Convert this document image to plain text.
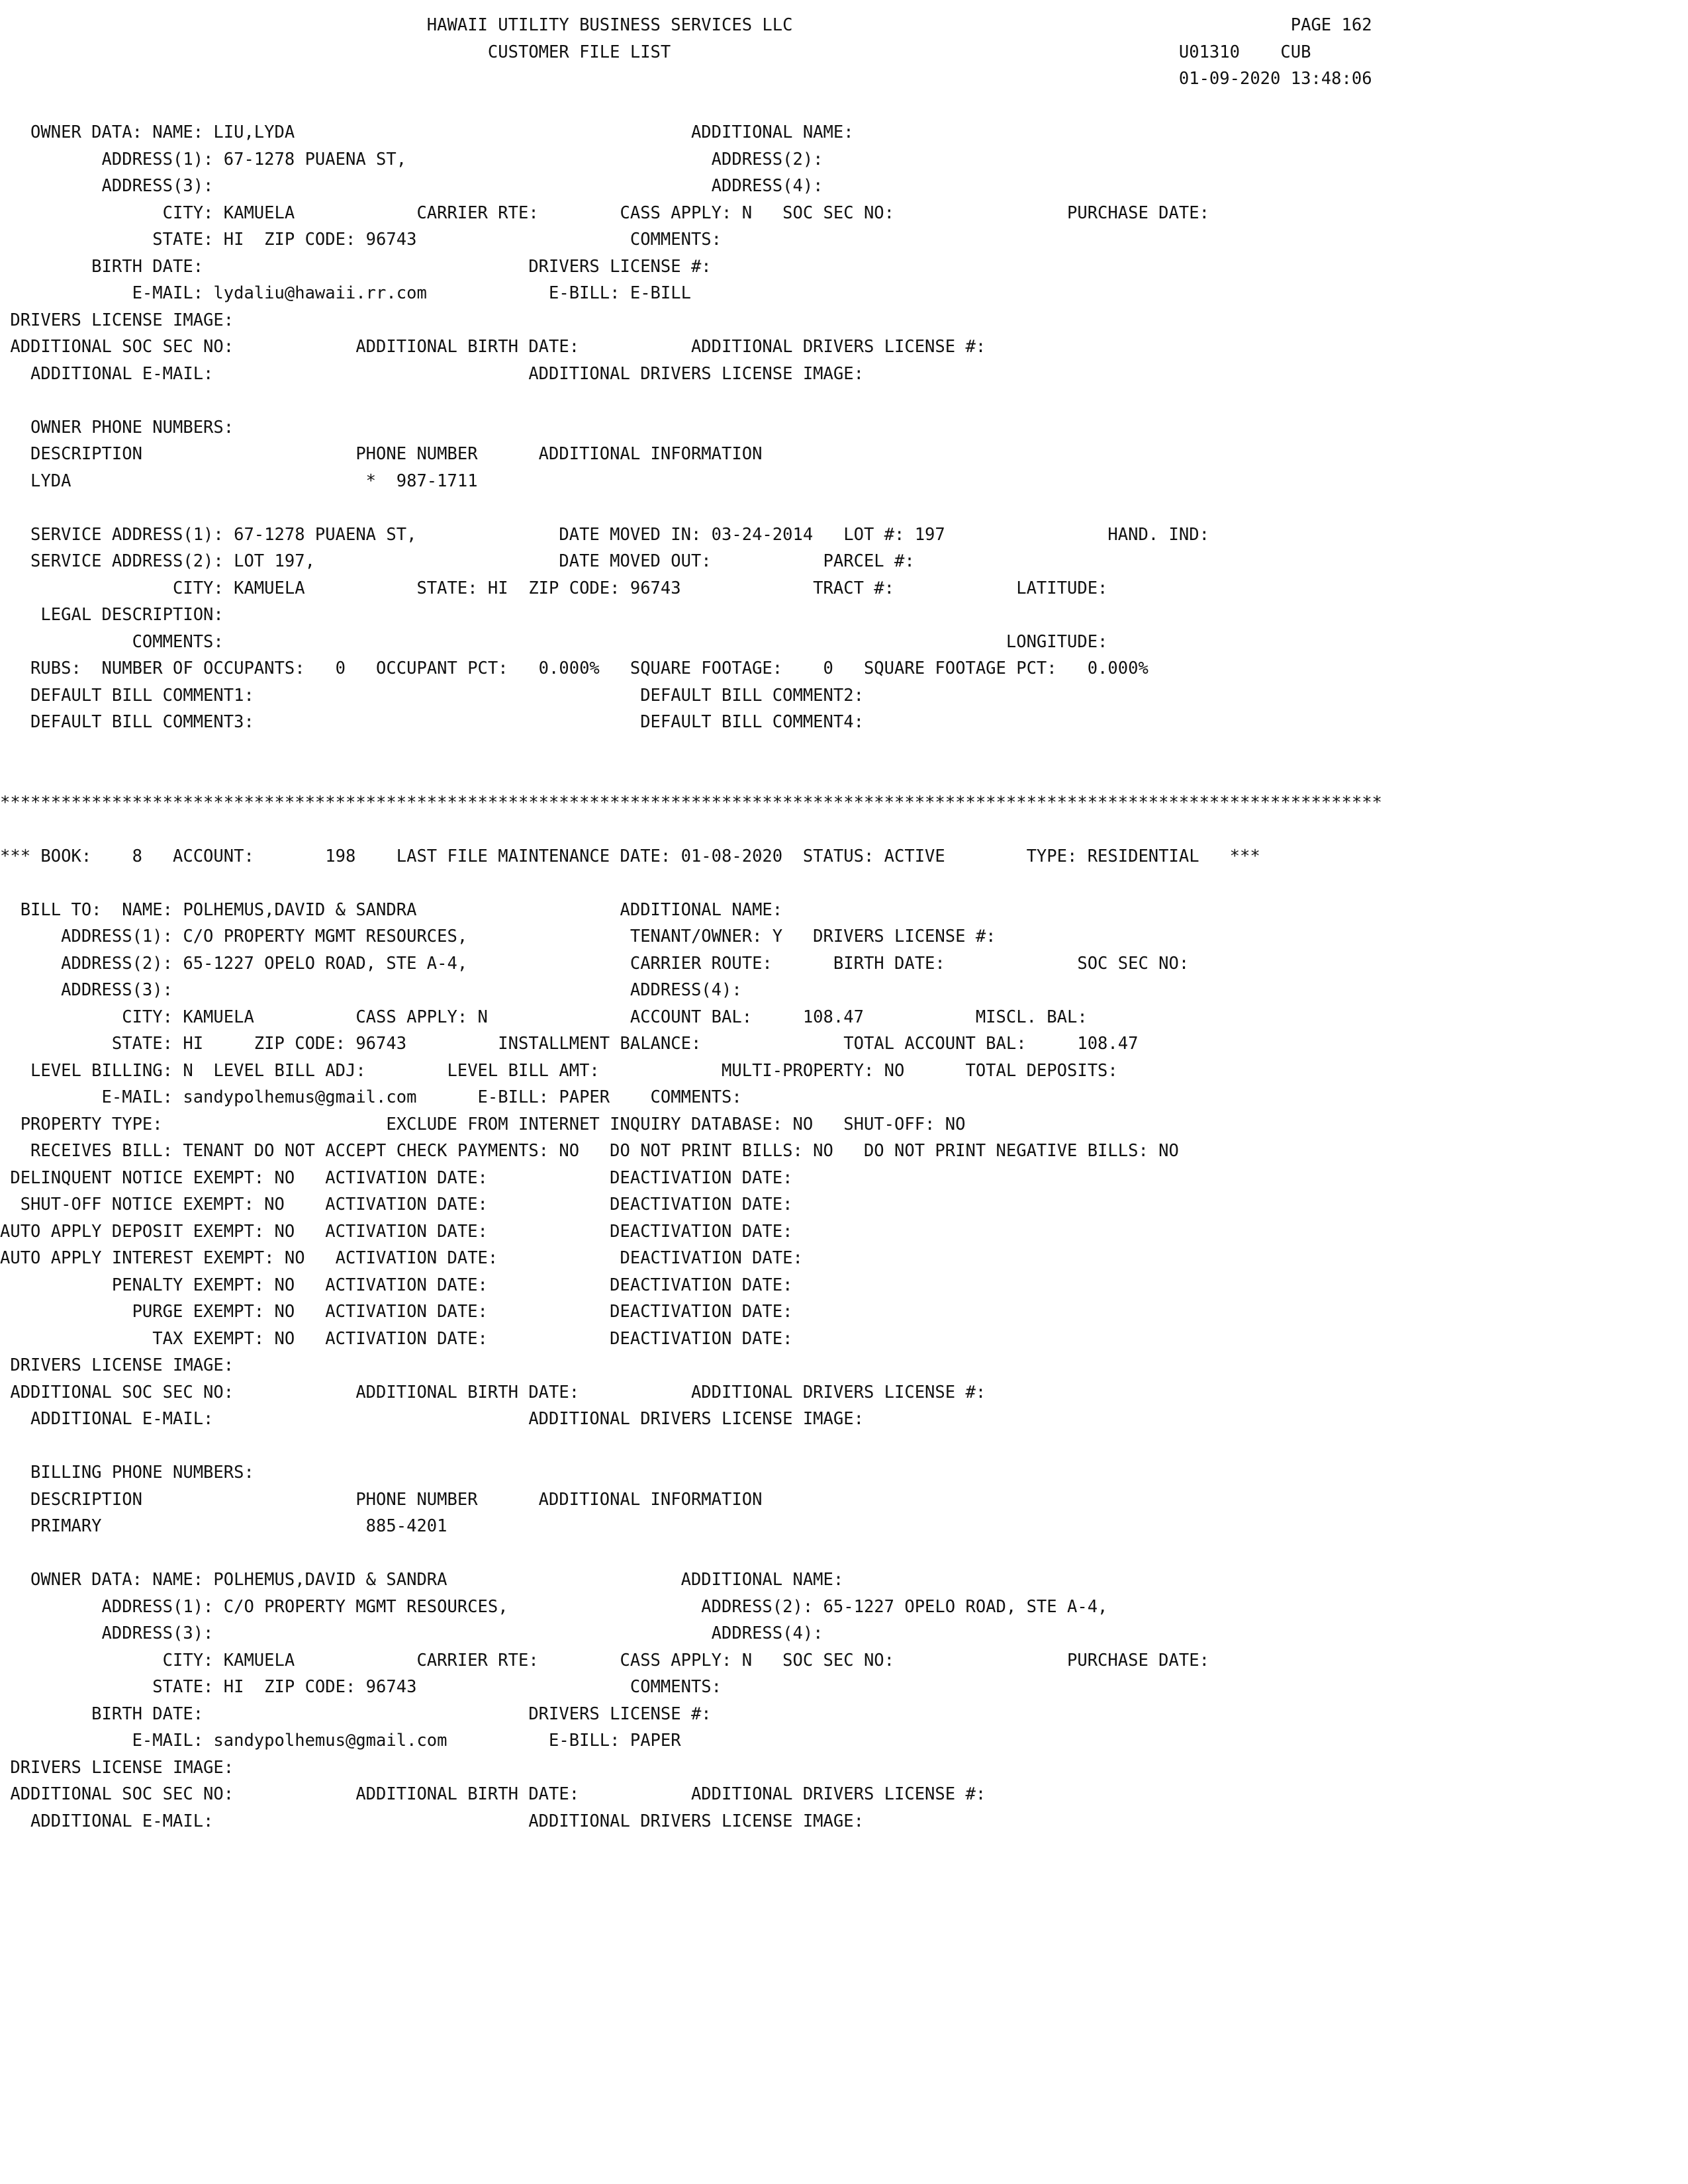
HAWAII UTILITY BUSINESS SERVICES LLC                                                 PAGE 162
CUSTOMER FILE LIST                                                  U01310    CUB
01-09-2020 13:48:06

OWNER DATA: NAME: LIU,LYDA                                       ADDITIONAL NAME:
ADDRESS(1): 67-1278 PUAENA ST,                              ADDRESS(2):
ADDRESS(3):                                                 ADDRESS(4):
CITY: KAMUELA            CARRIER RTE:        CASS APPLY: N   SOC SEC NO:                 PURCHASE DATE:
STATE: HI  ZIP CODE: 96743                     COMMENTS:
BIRTH DATE:                                DRIVERS LICENSE #:
E-MAIL: lydaliu@hawaii.rr.com            E-BILL: E-BILL
DRIVERS LICENSE IMAGE:
ADDITIONAL SOC SEC NO:            ADDITIONAL BIRTH DATE:           ADDITIONAL DRIVERS LICENSE #:
ADDITIONAL E-MAIL:                               ADDITIONAL DRIVERS LICENSE IMAGE:

OWNER PHONE NUMBERS:
DESCRIPTION                     PHONE NUMBER      ADDITIONAL INFORMATION
LYDA                             *  987-1711

SERVICE ADDRESS(1): 67-1278 PUAENA ST,              DATE MOVED IN: 03-24-2014   LOT #: 197                HAND. IND:
SERVICE ADDRESS(2): LOT 197,                        DATE MOVED OUT:           PARCEL #:
CITY: KAMUELA           STATE: HI  ZIP CODE: 96743             TRACT #:            LATITUDE:
LEGAL DESCRIPTION:
COMMENTS:                                                                             LONGITUDE:
RUBS:  NUMBER OF OCCUPANTS:   0   OCCUPANT PCT:   0.000%   SQUARE FOOTAGE:    0   SQUARE FOOTAGE PCT:   0.000%
DEFAULT BILL COMMENT1:                                      DEFAULT BILL COMMENT2:
DEFAULT BILL COMMENT3:                                      DEFAULT BILL COMMENT4:

****************************************************************************************************************************************

*** BOOK:    8   ACCOUNT:       198    LAST FILE MAINTENANCE DATE: 01-08-2020  STATUS: ACTIVE        TYPE: RESIDENTIAL   ***

BILL TO:  NAME: POLHEMUS,DAVID & SANDRA                    ADDITIONAL NAME:
ADDRESS(1): C/O PROPERTY MGMT RESOURCES,                TENANT/OWNER: Y   DRIVERS LICENSE #:
ADDRESS(2): 65-1227 OPELO ROAD, STE A-4,                CARRIER ROUTE:      BIRTH DATE:             SOC SEC NO:
ADDRESS(3):                                             ADDRESS(4):
CITY: KAMUELA          CASS APPLY: N              ACCOUNT BAL:     108.47           MISCL. BAL:
STATE: HI     ZIP CODE: 96743         INSTALLMENT BALANCE:              TOTAL ACCOUNT BAL:     108.47
LEVEL BILLING: N  LEVEL BILL ADJ:        LEVEL BILL AMT:            MULTI-PROPERTY: NO      TOTAL DEPOSITS:
E-MAIL: sandypolhemus@gmail.com      E-BILL: PAPER    COMMENTS:
PROPERTY TYPE:                      EXCLUDE FROM INTERNET INQUIRY DATABASE: NO   SHUT-OFF: NO
RECEIVES BILL: TENANT DO NOT ACCEPT CHECK PAYMENTS: NO   DO NOT PRINT BILLS: NO   DO NOT PRINT NEGATIVE BILLS: NO
DELINQUENT NOTICE EXEMPT: NO   ACTIVATION DATE:            DEACTIVATION DATE:
SHUT-OFF NOTICE EXEMPT: NO    ACTIVATION DATE:            DEACTIVATION DATE:
AUTO APPLY DEPOSIT EXEMPT: NO   ACTIVATION DATE:            DEACTIVATION DATE:
AUTO APPLY INTEREST EXEMPT: NO   ACTIVATION DATE:            DEACTIVATION DATE:
PENALTY EXEMPT: NO   ACTIVATION DATE:            DEACTIVATION DATE:
PURGE EXEMPT: NO   ACTIVATION DATE:            DEACTIVATION DATE:
TAX EXEMPT: NO   ACTIVATION DATE:            DEACTIVATION DATE:
DRIVERS LICENSE IMAGE:
ADDITIONAL SOC SEC NO:            ADDITIONAL BIRTH DATE:           ADDITIONAL DRIVERS LICENSE #:
ADDITIONAL E-MAIL:                               ADDITIONAL DRIVERS LICENSE IMAGE:

BILLING PHONE NUMBERS:
DESCRIPTION                     PHONE NUMBER      ADDITIONAL INFORMATION
PRIMARY                          885-4201

OWNER DATA: NAME: POLHEMUS,DAVID & SANDRA                       ADDITIONAL NAME:
ADDRESS(1): C/O PROPERTY MGMT RESOURCES,                   ADDRESS(2): 65-1227 OPELO ROAD, STE A-4,
ADDRESS(3):                                                 ADDRESS(4):
CITY: KAMUELA            CARRIER RTE:        CASS APPLY: N   SOC SEC NO:                 PURCHASE DATE:
STATE: HI  ZIP CODE: 96743                     COMMENTS:
BIRTH DATE:                                DRIVERS LICENSE #:
E-MAIL: sandypolhemus@gmail.com          E-BILL: PAPER
DRIVERS LICENSE IMAGE:
ADDITIONAL SOC SEC NO:            ADDITIONAL BIRTH DATE:           ADDITIONAL DRIVERS LICENSE #:
ADDITIONAL E-MAIL:                               ADDITIONAL DRIVERS LICENSE IMAGE:
